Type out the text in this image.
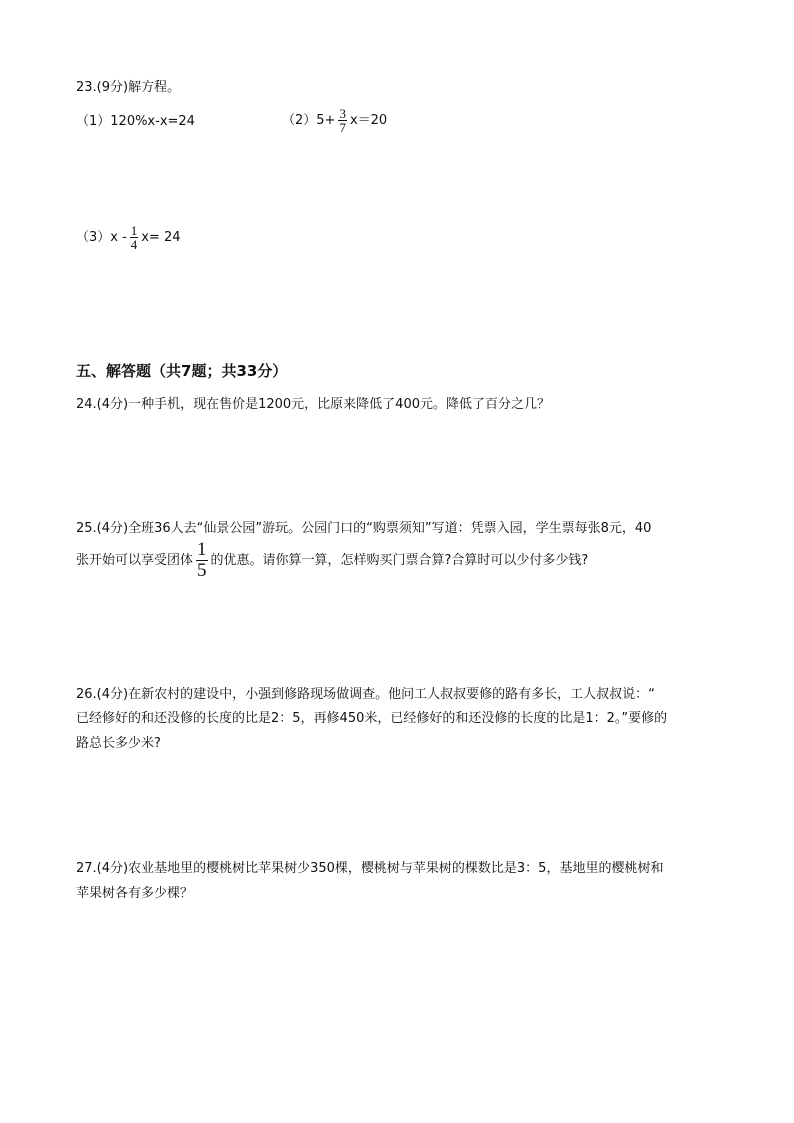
23.(9分)解方程。
（1）120%x-x=24	$(2)5+ \frac{3}{7} x=20$
$(3)x - \frac{1}{4} x= 24$
五、解答题（共7题；共33分）
24.(4分)一种手机，现在售价是1200元，比原来降低了400元。降低了百分之几？
25.(4分)全班36人去“仙景公园”游玩。公园门口的“购票须知”写道：凭票入园，学生票每张8元，40
张开始可以享受团体 $\frac{1}{5}$ 的优惠。请你算一算，怎样购买门票合算?合算时可以少付多少钱?
26.(4分)在新农村的建设中，小强到修路现场做调查。他问工人叔叔要修的路有多长，工人叔叔说：“
已经修好的和还没修的长度的比是2：5，再修450米，已经修好的和还没修的长度的比是1：2。”要修的
路总长多少米?
27.(4分)农业基地里的樱桃树比苹果树少350棵，樱桃树与苹果树的棵数比是3：5，基地里的樱桃树和
苹果树各有多少棵？
